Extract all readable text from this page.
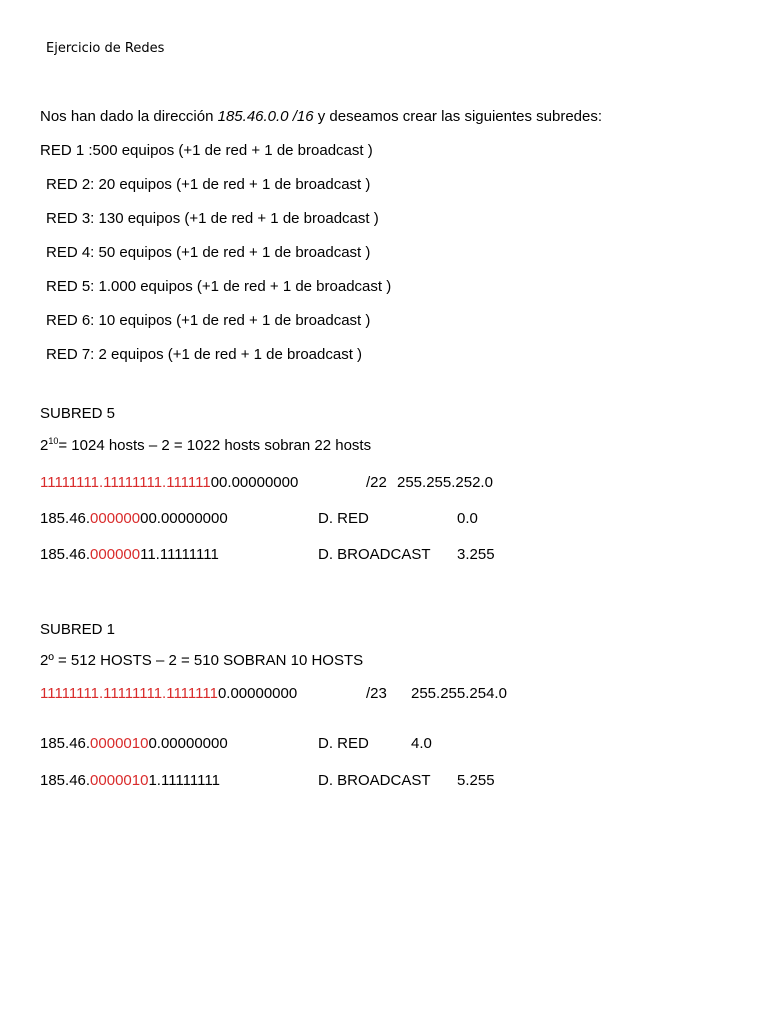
Ejercicio de Redes
Nos han dado la dirección 185.46.0.0 /16 y deseamos crear las siguientes subredes:
RED 1 :500 equipos (+1 de red + 1 de broadcast )
RED 2: 20 equipos (+1 de red + 1 de broadcast )
RED 3: 130 equipos (+1 de red + 1 de broadcast )
RED 4: 50 equipos (+1 de red + 1 de broadcast )
RED 5: 1.000 equipos (+1 de red + 1 de broadcast )
RED 6: 10 equipos (+1 de red + 1 de broadcast )
RED 7: 2 equipos (+1 de red + 1 de broadcast )
SUBRED 5
$2^{10}= 1024$ hosts – 2 = 1022 hosts sobran 22 hosts
11111111.11111111.11111100.00000000	/22 255.255.252.0
185.46.00000000.00000000	D. RED	0.0
185.46.00000011.11111111	D. BROADCAST 3.255
SUBRED 1
2º = 512 HOSTS – 2 = 510 SOBRAN 10 HOSTS
11111111.11111111.11111110.00000000	/23 255.255.254.0
185.46.00000100.00000000	D. RED	4.0
185.46.00000101.11111111	D. BROADCAST 5.255
